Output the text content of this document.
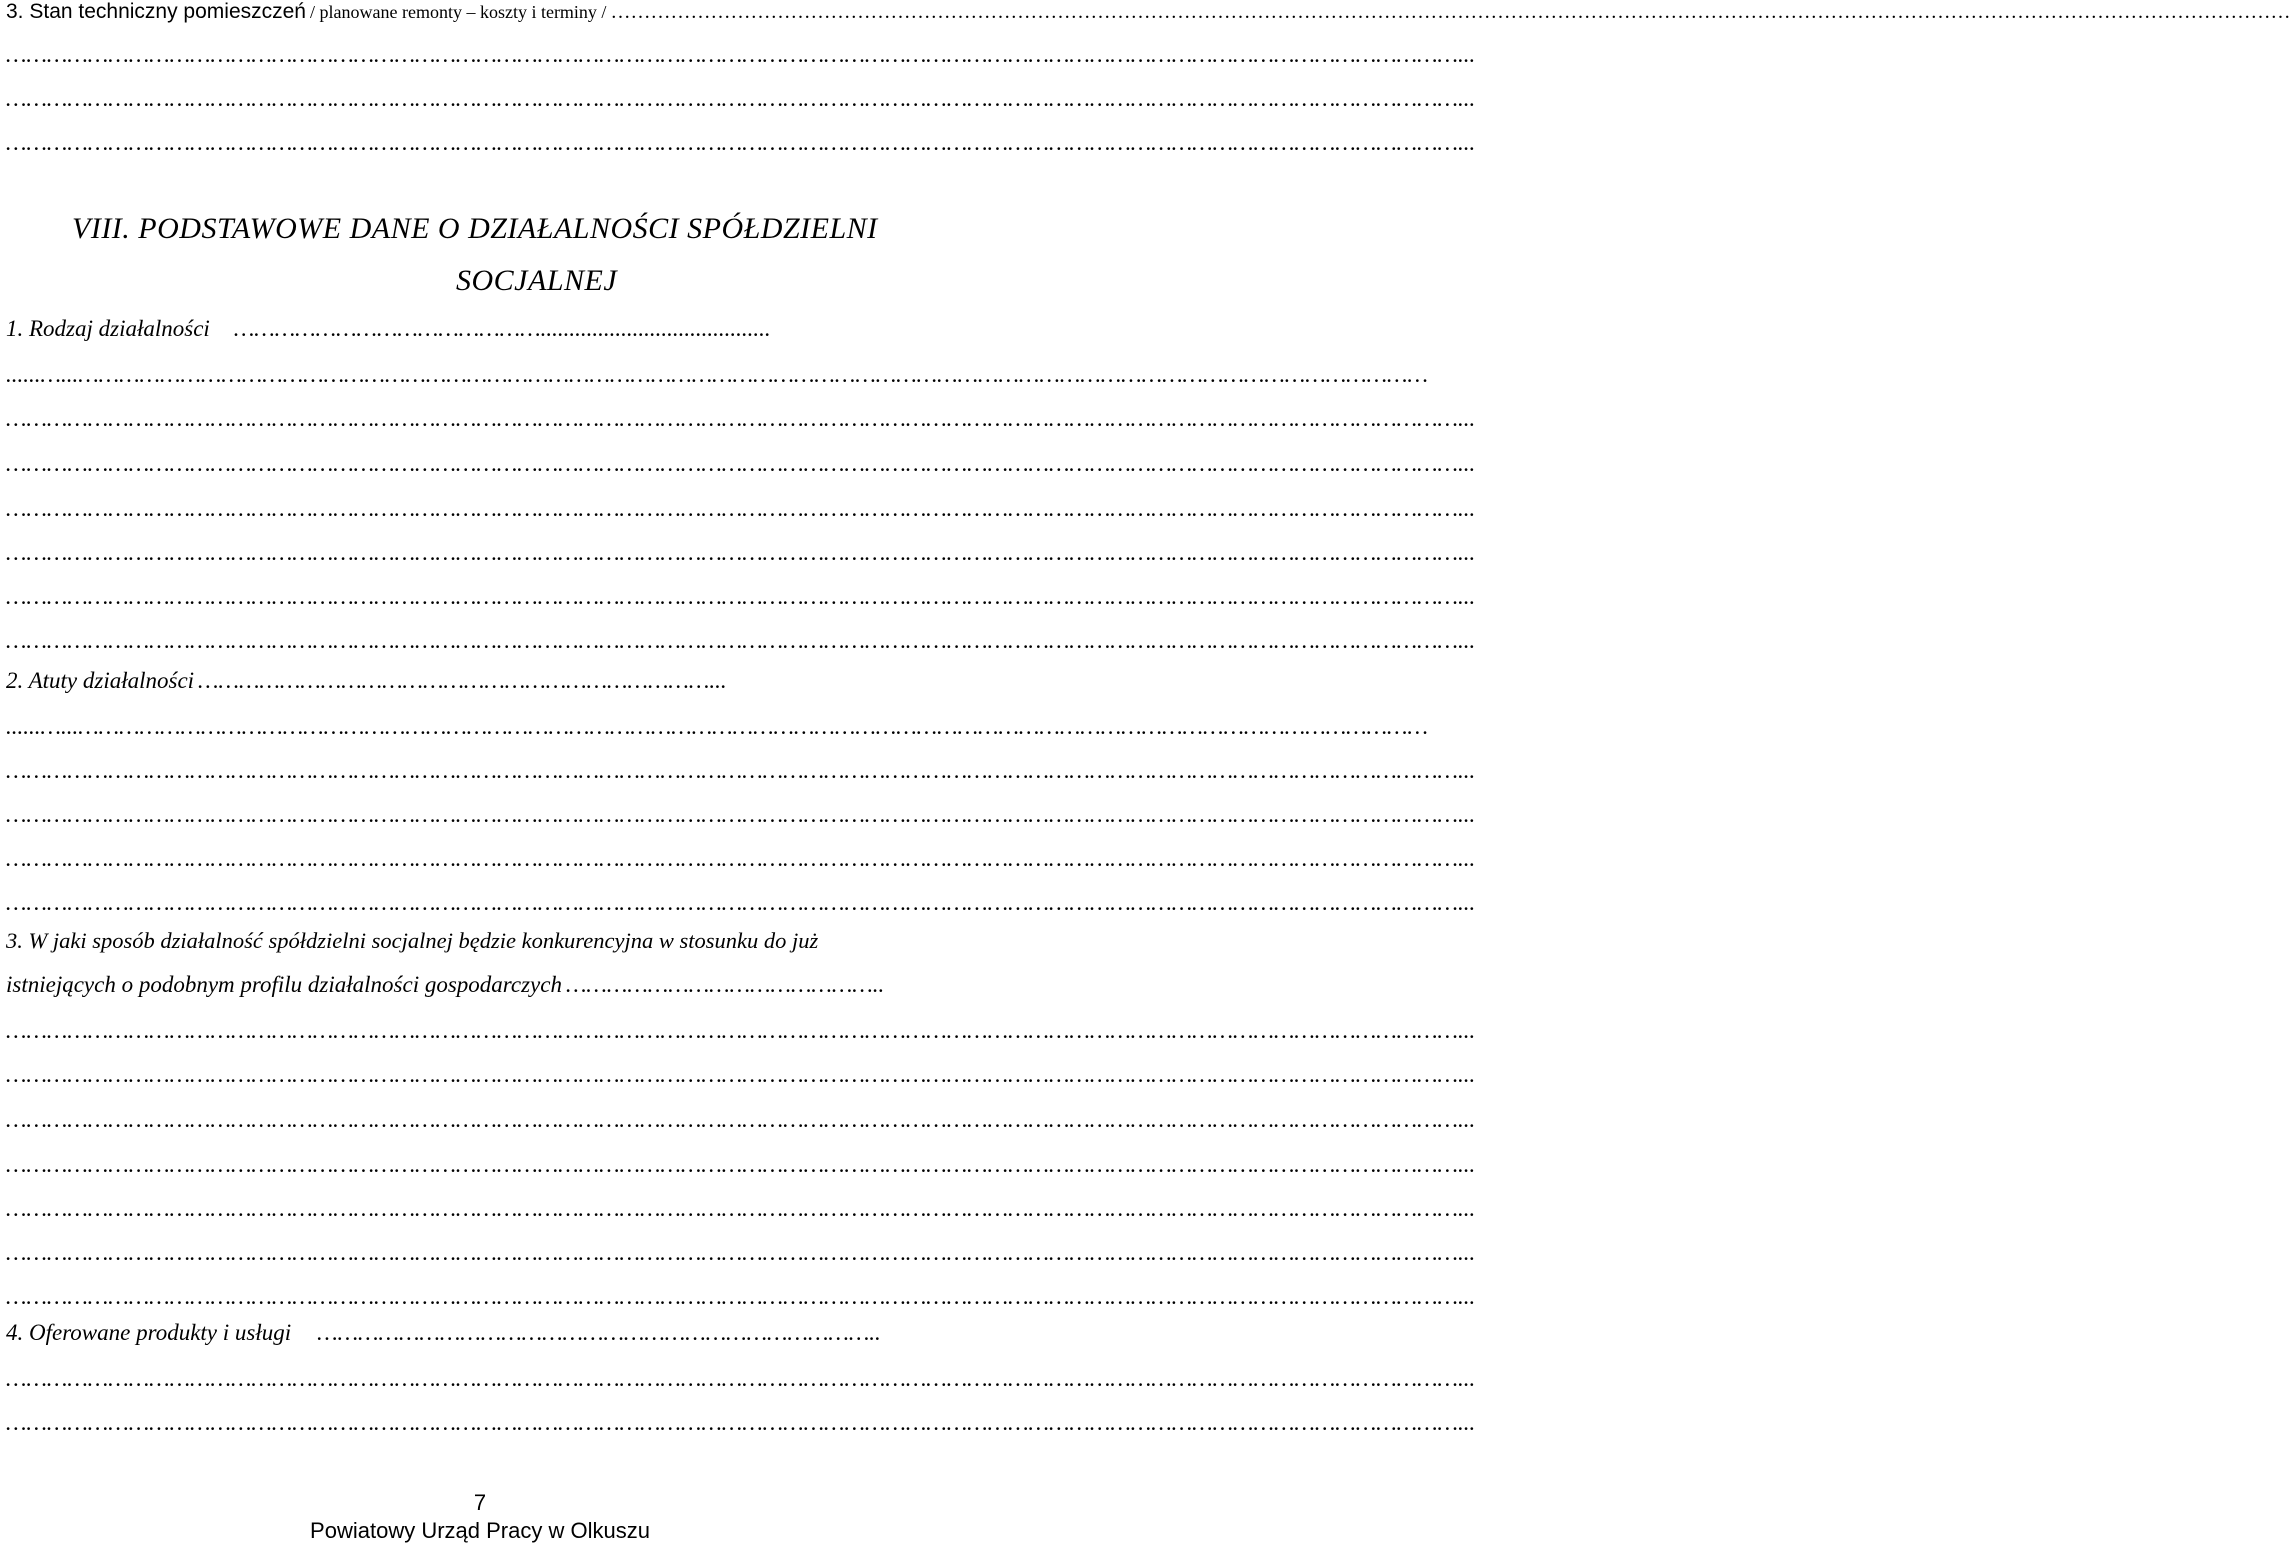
3. Stan techniczny pomieszczeń / planowane remonty – koszty i terminy / ………………………………………………………………………………………………………………………………………………………………………………………………………………………………
……………………………………………………………………………………………………………………………………………………………………………………………...
……………………………………………………………………………………………………………………………………………………………………………………………...
……………………………………………………………………………………………………………………………………………………………………………………………...
VIII. PODSTAWOWE DANE O DZIAŁALNOŚCI SPÓŁDZIELNI
SOCJALNEJ
1. Rodzaj działalności ………………………………………........................................
......…...………………………………………………………………………………………………………………………………………………………………………………
……………………………………………………………………………………………………………………………………………………………………………………………...
……………………………………………………………………………………………………………………………………………………………………………………………...
……………………………………………………………………………………………………………………………………………………………………………………………...
……………………………………………………………………………………………………………………………………………………………………………………………...
……………………………………………………………………………………………………………………………………………………………………………………………...
……………………………………………………………………………………………………………………………………………………………………………………………...
2. Atuty działalności …………………………………………………………………...
......…...………………………………………………………………………………………………………………………………………………………………………………
……………………………………………………………………………………………………………………………………………………………………………………………...
……………………………………………………………………………………………………………………………………………………………………………………………...
……………………………………………………………………………………………………………………………………………………………………………………………...
……………………………………………………………………………………………………………………………………………………………………………………………...
3. W jaki sposób działalność spółdzielni socjalnej będzie konkurencyjna w stosunku do już
istniejących o podobnym profilu działalności gospodarczych ………………………………………..
……………………………………………………………………………………………………………………………………………………………………………………………...
……………………………………………………………………………………………………………………………………………………………………………………………...
……………………………………………………………………………………………………………………………………………………………………………………………...
……………………………………………………………………………………………………………………………………………………………………………………………...
……………………………………………………………………………………………………………………………………………………………………………………………...
……………………………………………………………………………………………………………………………………………………………………………………………...
……………………………………………………………………………………………………………………………………………………………………………………………...
4. Oferowane produkty i usługi ………………………………………………………………………..
……………………………………………………………………………………………………………………………………………………………………………………………...
……………………………………………………………………………………………………………………………………………………………………………………………...
7
Powiatowy Urząd Pracy w Olkuszu
